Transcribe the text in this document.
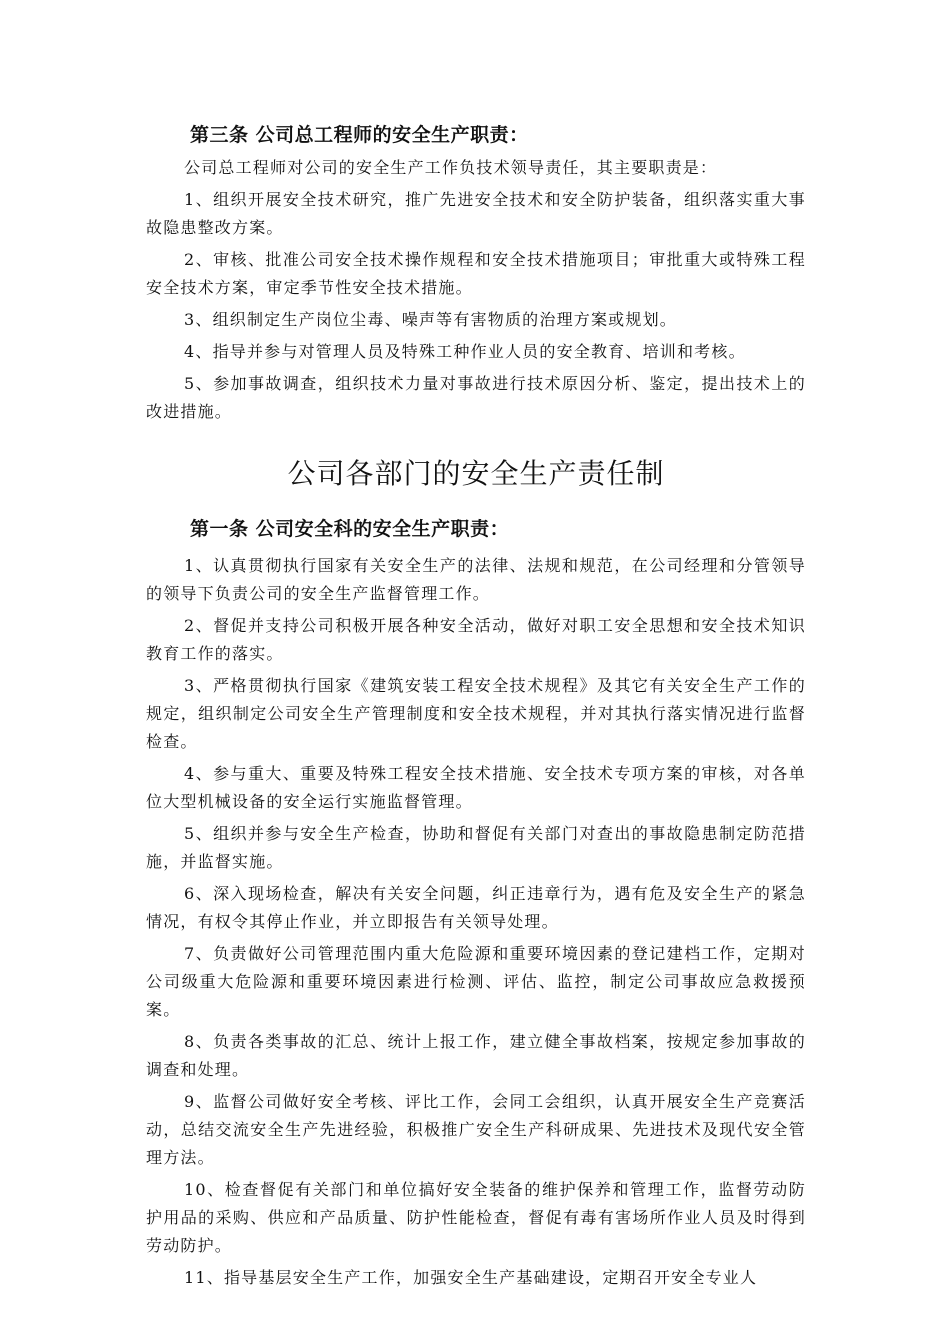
第三条 公司总工程师的安全生产职责：

公司总工程师对公司的安全生产工作负技术领导责任，其主要职责是：

1、组织开展安全技术研究，推广先进安全技术和安全防护装备，组织落实重大事故隐患整改方案。

2、审核、批准公司安全技术操作规程和安全技术措施项目；审批重大或特殊工程安全技术方案，审定季节性安全技术措施。

3、组织制定生产岗位尘毒、噪声等有害物质的治理方案或规划。

4、指导并参与对管理人员及特殊工种作业人员的安全教育、培训和考核。

5、参加事故调查，组织技术力量对事故进行技术原因分析、鉴定，提出技术上的改进措施。

公司各部门的安全生产责任制
第一条 公司安全科的安全生产职责：

1、认真贯彻执行国家有关安全生产的法律、法规和规范，在公司经理和分管领导的领导下负责公司的安全生产监督管理工作。

2、督促并支持公司积极开展各种安全活动，做好对职工安全思想和安全技术知识教育工作的落实。

3、严格贯彻执行国家《建筑安装工程安全技术规程》及其它有关安全生产工作的规定，组织制定公司安全生产管理制度和安全技术规程，并对其执行落实情况进行监督检查。

4、参与重大、重要及特殊工程安全技术措施、安全技术专项方案的审核，对各单位大型机械设备的安全运行实施监督管理。

5、组织并参与安全生产检查，协助和督促有关部门对查出的事故隐患制定防范措施，并监督实施。

6、深入现场检查，解决有关安全问题，纠正违章行为，遇有危及安全生产的紧急情况，有权令其停止作业，并立即报告有关领导处理。

7、负责做好公司管理范围内重大危险源和重要环境因素的登记建档工作，定期对公司级重大危险源和重要环境因素进行检测、评估、监控，制定公司事故应急救援预案。

8、负责各类事故的汇总、统计上报工作，建立健全事故档案，按规定参加事故的调查和处理。

9、监督公司做好安全考核、评比工作，会同工会组织，认真开展安全生产竞赛活动，总结交流安全生产先进经验，积极推广安全生产科研成果、先进技术及现代安全管理方法。

10、检查督促有关部门和单位搞好安全装备的维护保养和管理工作，监督劳动防护用品的采购、供应和产品质量、防护性能检查，督促有毒有害场所作业人员及时得到劳动防护。

11、指导基层安全生产工作，加强安全生产基础建设，定期召开安全专业人
